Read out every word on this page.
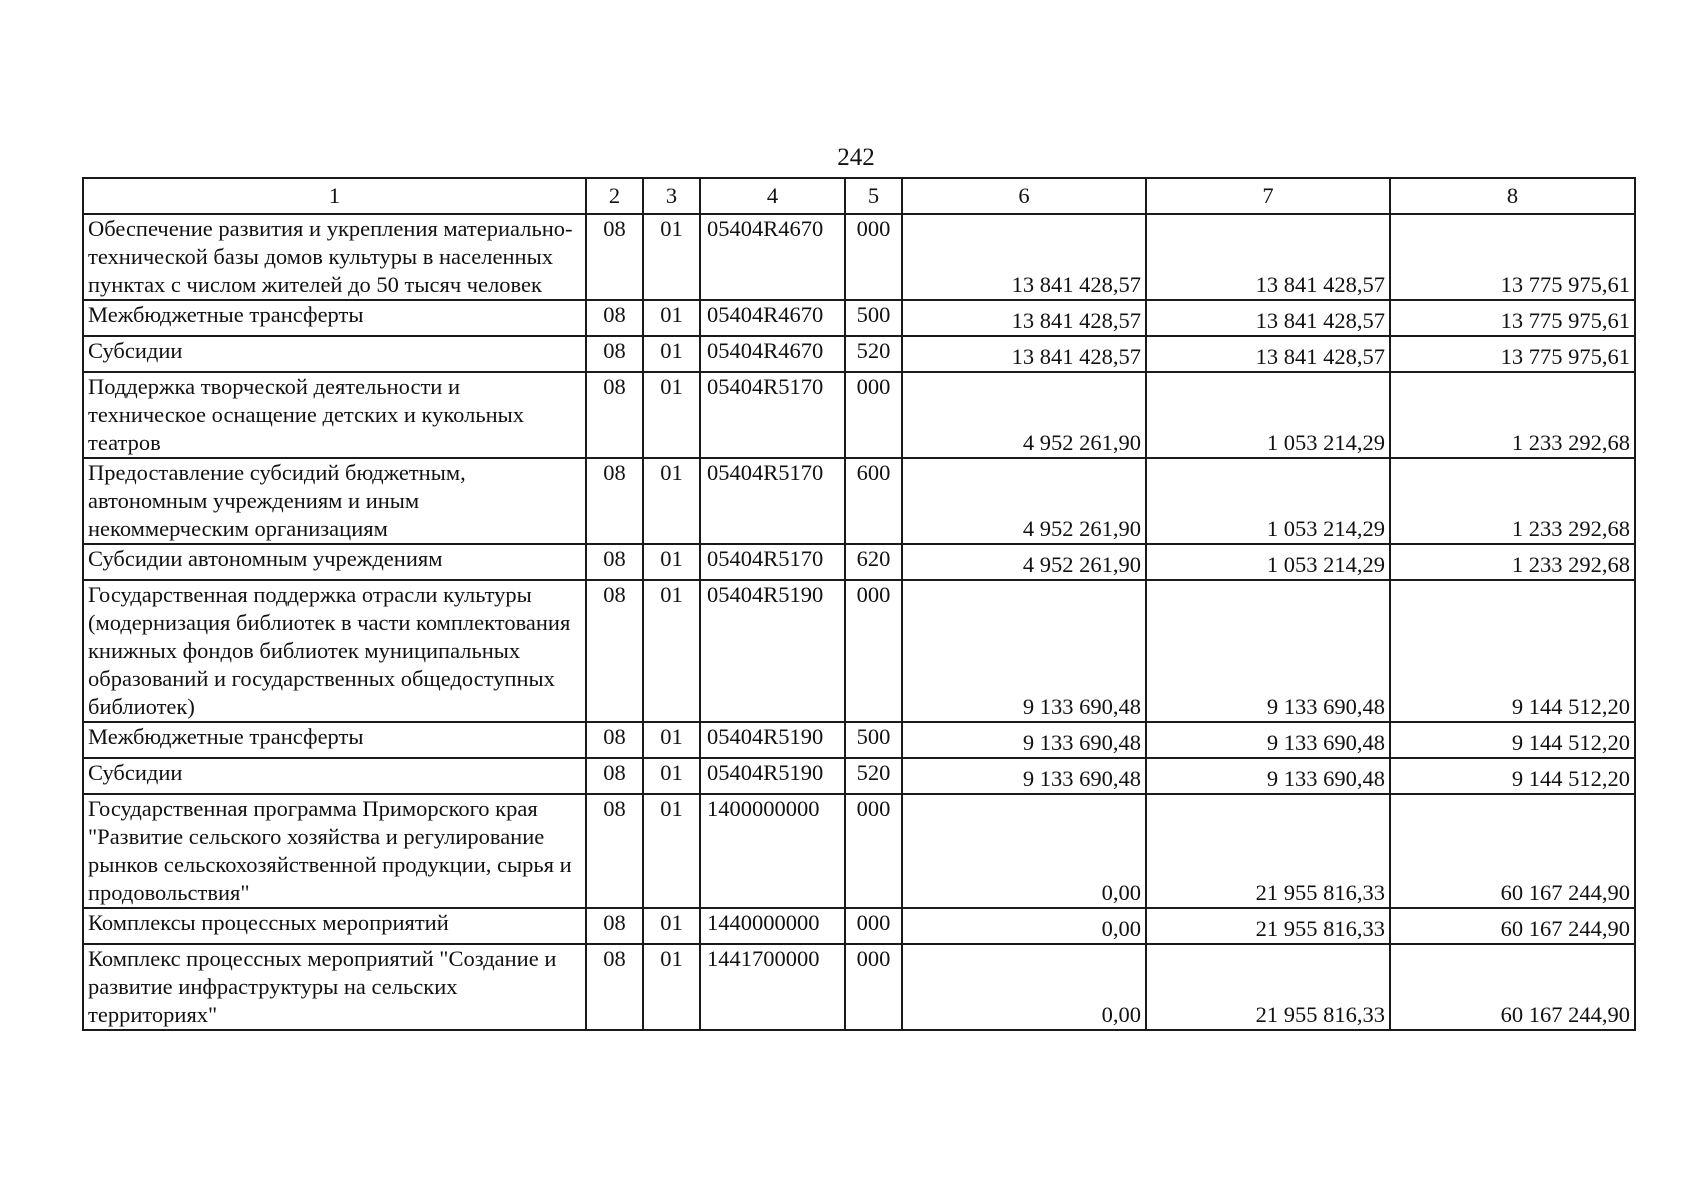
242
1	2	3	4	5	6	7	8
Обеспечение развития и укрепления материально-технической базы домов культуры в населенных пунктах с числом жителей до 50 тысяч человек	08	01	05404R4670	000	13 841 428,57	13 841 428,57	13 775 975,61
Межбюджетные трансферты	08	01	05404R4670	500	13 841 428,57	13 841 428,57	13 775 975,61
Субсидии	08	01	05404R4670	520	13 841 428,57	13 841 428,57	13 775 975,61
Поддержка творческой деятельности и техническое оснащение детских и кукольных театров	08	01	05404R5170	000	4 952 261,90	1 053 214,29	1 233 292,68
Предоставление субсидий бюджетным, автономным учреждениям и иным некоммерческим организациям	08	01	05404R5170	600	4 952 261,90	1 053 214,29	1 233 292,68
Субсидии автономным учреждениям	08	01	05404R5170	620	4 952 261,90	1 053 214,29	1 233 292,68
Государственная поддержка отрасли культуры (модернизация библиотек в части комплектования книжных фондов библиотек муниципальных образований и государственных общедоступных библиотек)	08	01	05404R5190	000	9 133 690,48	9 133 690,48	9 144 512,20
Межбюджетные трансферты	08	01	05404R5190	500	9 133 690,48	9 133 690,48	9 144 512,20
Субсидии	08	01	05404R5190	520	9 133 690,48	9 133 690,48	9 144 512,20
Государственная программа Приморского края "Развитие сельского хозяйства и регулирование рынков сельскохозяйственной продукции, сырья и продовольствия"	08	01	1400000000	000	0,00	21 955 816,33	60 167 244,90
Комплексы процессных мероприятий	08	01	1440000000	000	0,00	21 955 816,33	60 167 244,90
Комплекс процессных мероприятий "Создание и развитие инфраструктуры на сельских территориях"	08	01	1441700000	000	0,00	21 955 816,33	60 167 244,90
